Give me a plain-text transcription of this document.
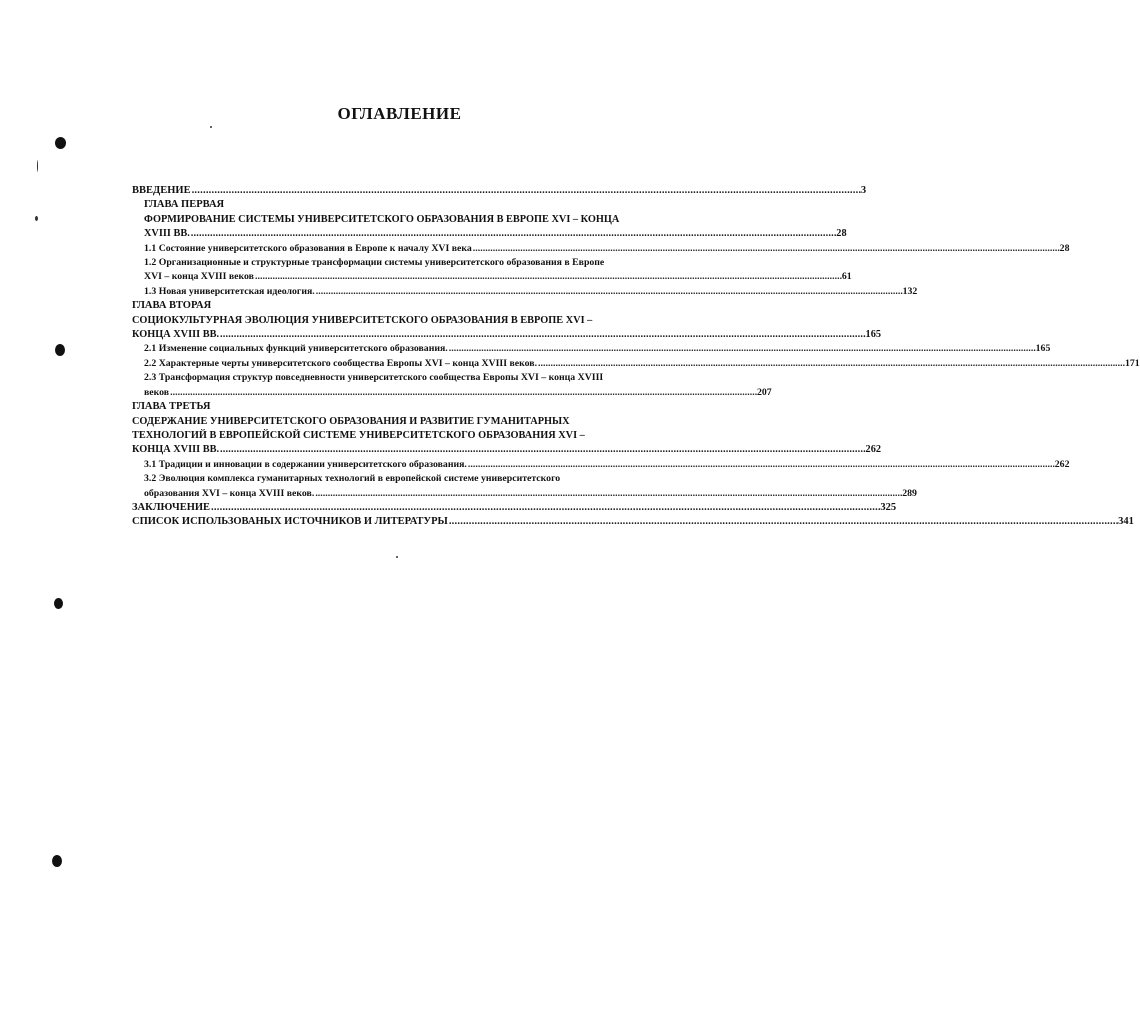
ОГЛАВЛЕНИЕ
ВВЕДЕНИЕ . . .	3
ГЛАВА ПЕРВАЯ
ФОРМИРОВАНИЕ СИСТЕМЫ УНИВЕРСИТЕТСКОГО ОБРАЗОВАНИЯ В ЕВРОПЕ XVI – КОНЦА
XVIII ВВ. . . .	28
1.1 Состояние университетского образования в Европе к началу XVI века . . .	28
1.2 Организационные и структурные трансформации системы университетского образования в Европе
XVI – конца XVIII веков . . .	61
1.3 Новая университетская идеология. . . .	132
ГЛАВА ВТОРАЯ
СОЦИОКУЛЬТУРНАЯ ЭВОЛЮЦИЯ УНИВЕРСИТЕТСКОГО ОБРАЗОВАНИЯ В ЕВРОПЕ XVI –
КОНЦА XVIII ВВ. . . .	165
2.1 Изменение социальных функций университетского образования. . . .	165
2.2 Характерные черты университетского сообщества Европы XVI – конца XVIII веков. . . .	171
2.3 Трансформация структур повседневности университетского сообщества Европы XVI – конца XVIII
веков . . .	207
ГЛАВА ТРЕТЬЯ
СОДЕРЖАНИЕ УНИВЕРСИТЕТСКОГО ОБРАЗОВАНИЯ И РАЗВИТИЕ ГУМАНИТАРНЫХ
ТЕХНОЛОГИЙ В ЕВРОПЕЙСКОЙ СИСТЕМЕ УНИВЕРСИТЕТСКОГО ОБРАЗОВАНИЯ XVI –
КОНЦА XVIII ВВ. . . .	262
3.1 Традиции и инновации в содержании университетского образования. . . .	262
3.2 Эволюция комплекса гуманитарных технологий в европейской системе университетского
образования XVI – конца XVIII веков. . . .	289
ЗАКЛЮЧЕНИЕ . . .	325
СПИСОК ИСПОЛЬЗОВАНЫХ ИСТОЧНИКОВ И ЛИТЕРАТУРЫ . . .	341
